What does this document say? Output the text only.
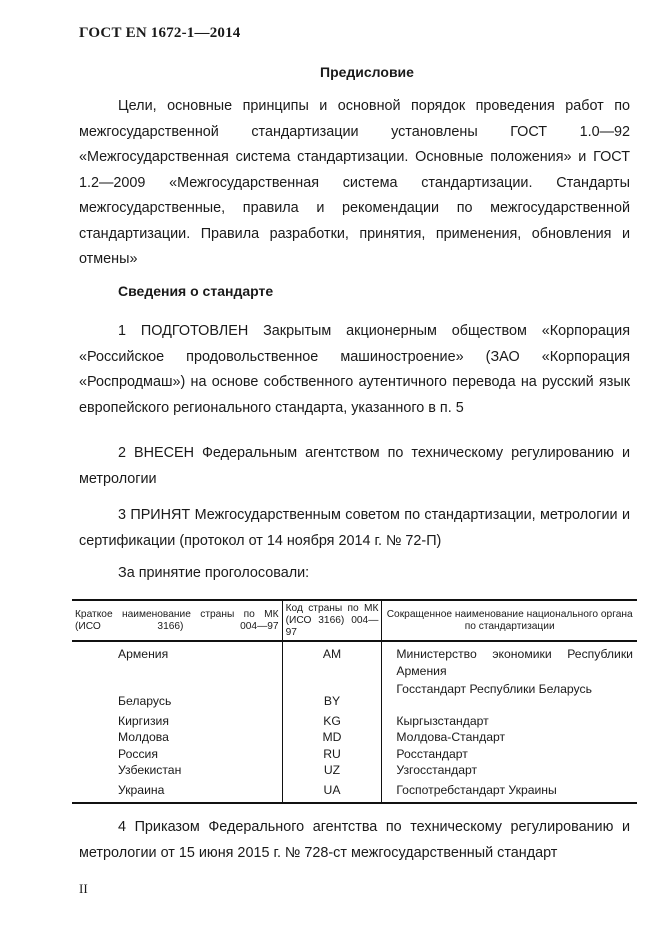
ГОСТ EN 1672-1—2014
Предисловие

Цели, основные принципы и основной порядок проведения работ по межгосударственной стандартизации установлены ГОСТ 1.0—92 «Межгосударственная система стандартизации. Основные положения» и ГОСТ 1.2—2009 «Межгосударственная система стандартизации. Стандарты межгосударственные, правила и рекомендации по межгосударственной стандартизации. Правила разработки, принятия, применения, обновления и отмены»

Сведения о стандарте

1 ПОДГОТОВЛЕН Закрытым акционерным обществом «Корпорация «Российское продовольственное машиностроение» (ЗАО «Корпорация «Роспродмаш») на основе собственного аутентичного перевода на русский язык европейского регионального стандарта, указанного в п. 5

2 ВНЕСЕН Федеральным агентством по техническому регулированию и метрологии

3 ПРИНЯТ Межгосударственным советом по стандартизации, метрологии и сертификации (протокол от 14 ноября 2014 г. № 72-П)

За принятие проголосовали:
Краткое наименование страны по МК (ИСО 3166) 004—97	Код страны по МК (ИСО 3166) 004—97	Сокращенное наименование национального органа по стандартизации
Армения	AM	Министерство экономики Республики Армения
Беларусь	BY	Госстандарт Республики Беларусь
Киргизия	KG	Кыргызстандарт
Молдова	MD	Молдова-Стандарт
Россия	RU	Росстандарт
Узбекистан	UZ	Узгосстандарт
Украина	UA	Госпотребстандарт Украины

4 Приказом Федерального агентства по техническому регулированию и метрологии от 15 июня 2015 г. № 728-ст межгосударственный стандарт

II
